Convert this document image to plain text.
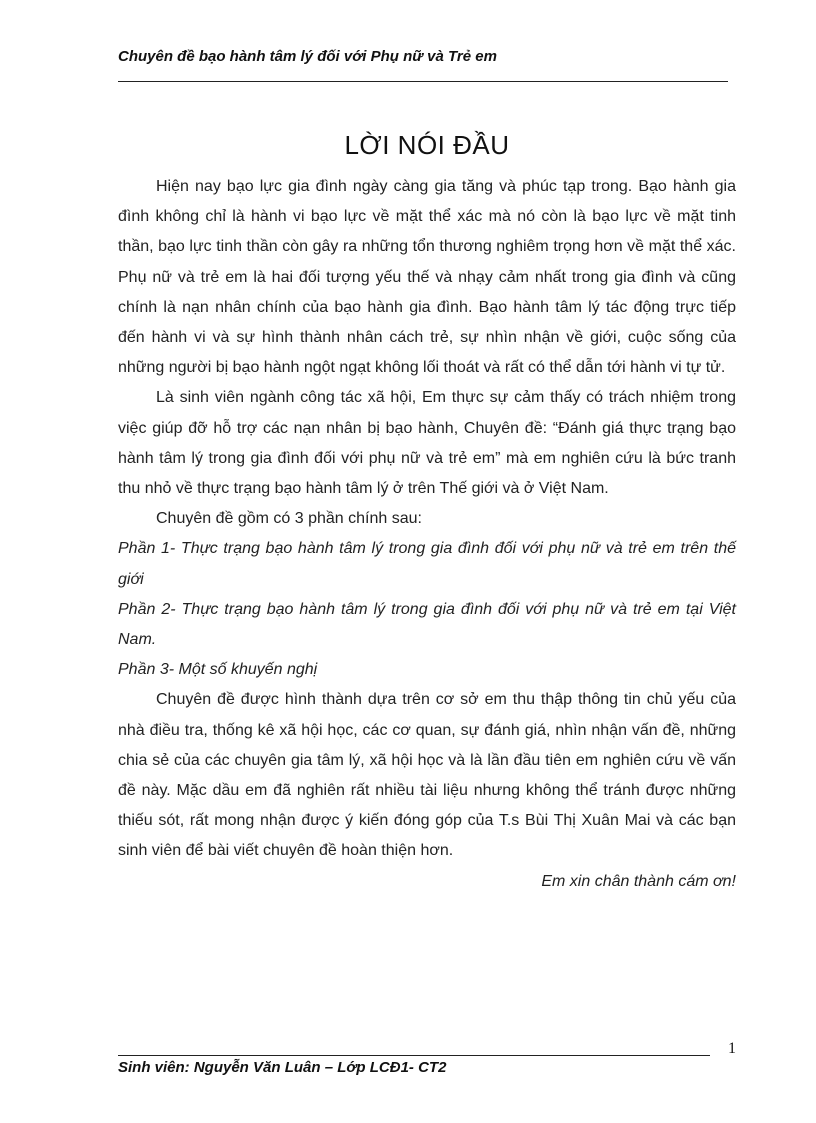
Chuyên đề bạo hành tâm lý đối với Phụ nữ và Trẻ em
LỜI NÓI ĐẦU

Hiện nay bạo lực gia đình ngày càng gia tăng và phúc tạp trong. Bạo hành gia đình không chỉ là hành vi bạo lực về mặt thể xác mà nó còn là bạo lực về mặt tinh thần, bạo lực tinh thần còn gây ra những tổn thương nghiêm trọng hơn về mặt thể xác. Phụ nữ và trẻ em là hai đối tượng yếu thế và nhạy cảm nhất trong gia đình và cũng chính là nạn nhân chính của bạo hành gia đình. Bạo hành tâm lý tác động trực tiếp đến hành vi và sự hình thành nhân cách trẻ, sự nhìn nhận về giới, cuộc sống của những người bị bạo hành ngột ngạt không lối thoát và rất có thể dẫn tới hành vi tự tử.

Là sinh viên ngành công tác xã hội, Em thực sự cảm thấy có trách nhiệm trong việc giúp đỡ hỗ trợ các nạn nhân bị bạo hành, Chuyên đề: “Đánh giá thực trạng bạo hành tâm lý trong gia đình đối với phụ nữ và trẻ em” mà em nghiên cứu là bức tranh thu nhỏ về thực trạng bạo hành tâm lý ở trên Thế giới và ở Việt Nam.

Chuyên đề gồm có 3 phần chính sau:

Phần 1- Thực trạng bạo hành tâm lý trong gia đình đối với phụ nữ và trẻ em trên thế giới

Phần 2- Thực trạng bạo hành tâm lý trong gia đình đối với phụ nữ và trẻ em tại Việt Nam.

Phần 3- Một số khuyến nghị

Chuyên đề được hình thành dựa trên cơ sở em thu thập thông tin chủ yếu của nhà điều tra, thống kê xã hội học, các cơ quan, sự đánh giá, nhìn nhận vấn đề, những chia sẻ của các chuyên gia tâm lý, xã hội học và là lần đầu tiên em nghiên cứu về vấn đề này. Mặc dầu em đã nghiên rất nhiều tài liệu nhưng không thể tránh được những thiếu sót, rất mong nhận được ý kiến đóng góp của T.s Bùi Thị Xuân Mai và các bạn sinh viên để bài viết chuyên đề hoàn thiện hơn.

Em xin chân thành cám ơn!

1
Sinh viên: Nguyễn Văn Luân – Lớp LCĐ1- CT2
